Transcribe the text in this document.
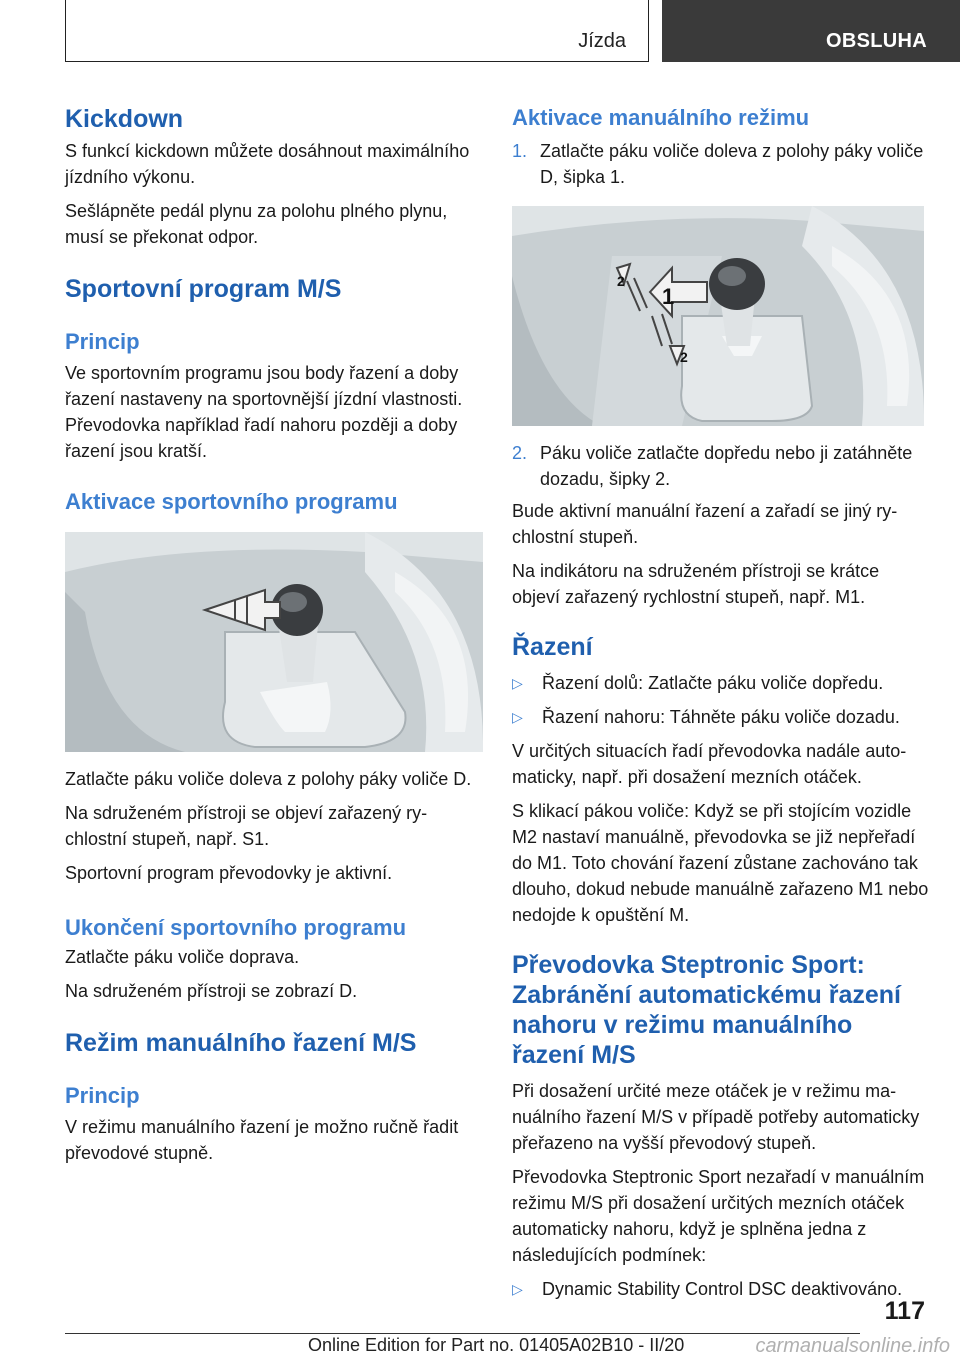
Jízda	OBSLUHA
Kickdown

S funkcí kickdown můžete dosáhnout maximálního jízdního výkonu.

Sešlápněte pedál plynu za polohu plného plynu, musí se překonat odpor.

Sportovní program M/S
Princip

Ve sportovním programu jsou body řazení a doby řazení nastaveny na sportovnější jízdní vlastnosti. Převodovka například řadí nahoru později a doby řazení jsou kratší.

Aktivace sportovního programu

Zatlačte páku voliče doleva z polohy páky voliče D.

Na sdruženém přístroji se objeví zařazený rychlostní stupeň, např. S1.

Sportovní program převodovky je aktivní.

Ukončení sportovního programu

Zatlačte páku voliče doprava.

Na sdruženém přístroji se zobrazí D.

Režim manuálního řazení M/S
Princip

V režimu manuálního řazení je možno ručně řadit převodové stupně.

Aktivace manuálního režimu
1. Zatlačte páku voliče doleva z polohy páky voliče D, šipka 1.
1
2
2
2. Páku voliče zatlačte dopředu nebo ji zatáhněte dozadu, šipky 2.

Bude aktivní manuální řazení a zařadí se jiný rychlostní stupeň.

Na indikátoru na sdruženém přístroji se krátce objeví zařazený rychlostní stupeň, např. M1.

Řazení
▷ Řazení dolů: Zatlačte páku voliče dopředu.
▷ Řazení nahoru: Táhněte páku voliče dozadu.

V určitých situacích řadí převodovka nadále automaticky, např. při dosažení mezních otáček.

S klikací pákou voliče: Když se při stojícím vozidle M2 nastaví manuálně, převodovka se již nepřeřadí do M1. Toto chování řazení zůstane zachováno tak dlouho, dokud nebude manuálně zařazeno M1 nebo nedojde k opuštění M.

Převodovka Steptronic Sport: Zabránění automatickému řazení nahoru v režimu manuálního řazení M/S

Při dosažení určité meze otáček je v režimu manuálního řazení M/S v případě potřeby automaticky přeřazeno na vyšší převodový stupeň.

Převodovka Steptronic Sport nezařadí v manuálním režimu M/S při dosažení určitých mezních otáček automaticky nahoru, když je splněna jedna z následujících podmínek:

▷ Dynamic Stability Control DSC deaktivováno.
117
Online Edition for Part no. 01405A02B10 - II/20	carmanualsonline.info
